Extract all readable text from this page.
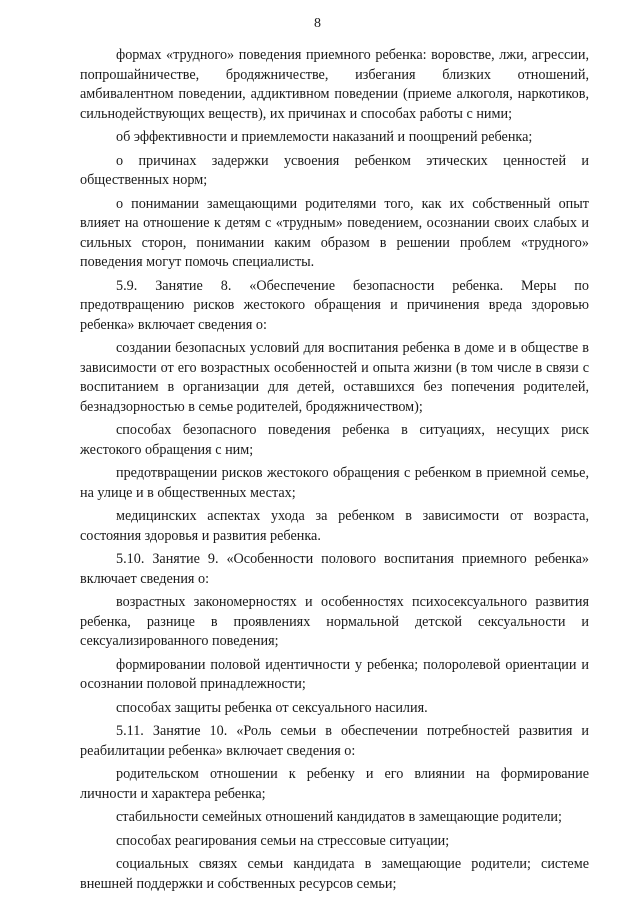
8

формах «трудного» поведения приемного ребенка: воровстве, лжи, агрессии, попрошайничестве, бродяжничестве, избегания близких отношений, амбивалентном поведении, аддиктивном поведении (приеме алкоголя, наркотиков, сильнодействующих веществ), их причинах и способах работы с ними;

об эффективности и приемлемости наказаний и поощрений ребенка;

о причинах задержки усвоения ребенком этических ценностей и общественных норм;

о понимании замещающими родителями того, как их собственный опыт влияет на отношение к детям с «трудным» поведением, осознании своих слабых и сильных сторон, понимании каким образом в решении проблем «трудного» поведения могут помочь специалисты.

5.9. Занятие 8. «Обеспечение безопасности ребенка. Меры по предотвращению рисков жестокого обращения и причинения вреда здоровью ребенка» включает сведения о:

создании безопасных условий для воспитания ребенка в доме и в обществе в зависимости от его возрастных особенностей и опыта жизни (в том числе в связи с воспитанием в организации для детей, оставшихся без попечения родителей, безнадзорностью в семье родителей, бродяжничеством);

способах безопасного поведения ребенка в ситуациях, несущих риск жестокого обращения с ним;

предотвращении рисков жестокого обращения с ребенком в приемной семье, на улице и в общественных местах;

медицинских аспектах ухода за ребенком в зависимости от возраста, состояния здоровья и развития ребенка.

5.10. Занятие 9. «Особенности полового воспитания приемного ребенка» включает сведения о:

возрастных закономерностях и особенностях психосексуального развития ребенка, разнице в проявлениях нормальной детской сексуальности и сексуализированного поведения;

формировании половой идентичности у ребенка; полоролевой ориентации и осознании половой принадлежности;

способах защиты ребенка от сексуального насилия.

5.11. Занятие 10. «Роль семьи в обеспечении потребностей развития и реабилитации ребенка» включает сведения о:

родительском отношении к ребенку и его влиянии на формирование личности и характера ребенка;

стабильности семейных отношений кандидатов в замещающие родители;

способах реагирования семьи на стрессовые ситуации;

социальных связях семьи кандидата в замещающие родители; системе внешней поддержки и собственных ресурсов семьи;
